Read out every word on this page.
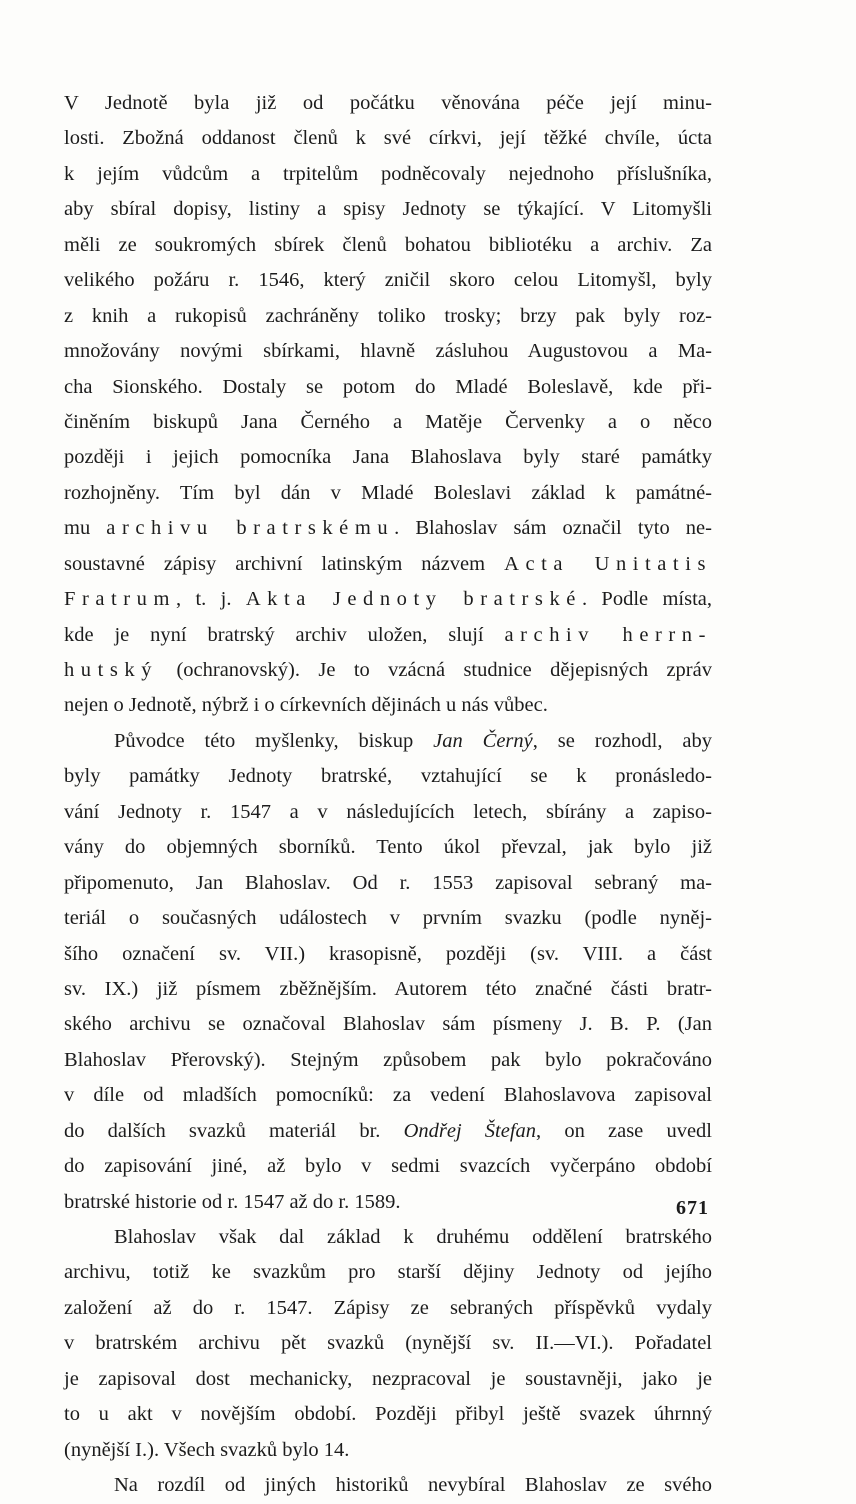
V Jednotě byla již od počátku věnována péče její minu-
losti. Zbožná oddanost členů k své církvi, její těžké chvíle, úcta
k jejím vůdcům a trpitelům podněcovaly nejednoho příslušníka,
aby sbíral dopisy, listiny a spisy Jednoty se týkající. V Litomyšli
měli ze soukromých sbírek členů bohatou bibliotéku a archiv. Za
velikého požáru r. 1546, který zničil skoro celou Litomyšl, byly
z knih a rukopisů zachráněny toliko trosky; brzy pak byly roz-
množovány novými sbírkami, hlavně zásluhou Augustovou a Ma-
cha Sionského. Dostaly se potom do Mladé Boleslavě, kde při-
činěním biskupů Jana Černého a Matěje Červenky a o něco
později i jejich pomocníka Jana Blahoslava byly staré památky
rozhojněny. Tím byl dán v Mladé Boleslavi základ k památné-
mu archivu bratrskému. Blahoslav sám označil tyto ne-
soustavné zápisy archivní latinským názvem Acta Unitatis
Fratrum, t. j. Akta Jednoty bratrské. Podle místa,
kde je nyní bratrský archiv uložen, slují archiv herrn-
hutský (ochranovský). Je to vzácná studnice dějepisných zpráv
nejen o Jednotě, nýbrž i o církevních dějinách u nás vůbec.
Původce této myšlenky, biskup Jan Černý, se rozhodl, aby
byly památky Jednoty bratrské, vztahující se k pronásledo-
vání Jednoty r. 1547 a v následujících letech, sbírány a zapiso-
vány do objemných sborníků. Tento úkol převzal, jak bylo již
připomenuto, Jan Blahoslav. Od r. 1553 zapisoval sebraný ma-
teriál o současných událostech v prvním svazku (podle nyněj-
šího označení sv. VII.) krasopisně, později (sv. VIII. a část
sv. IX.) již písmem zběžnějším. Autorem této značné části bratr-
ského archivu se označoval Blahoslav sám písmeny J. B. P. (Jan
Blahoslav Přerovský). Stejným způsobem pak bylo pokračováno
v díle od mladších pomocníků: za vedení Blahoslavova zapisoval
do dalších svazků materiál br. Ondřej Štefan, on zase uvedl
do zapisování jiné, až bylo v sedmi svazcích vyčerpáno období
bratrské historie od r. 1547 až do r. 1589.
Blahoslav však dal základ k druhému oddělení bratrského
archivu, totiž ke svazkům pro starší dějiny Jednoty od jejího
založení až do r. 1547. Zápisy ze sebraných příspěvků vydaly
v bratrském archivu pět svazků (nynější sv. II.—VI.). Pořadatel
je zapisoval dost mechanicky, nezpracoval je soustavněji, jako je
to u akt v novějším období. Později přibyl ještě svazek úhrnný
(nynější I.). Všech svazků bylo 14.
Na rozdíl od jiných historiků nevybíral Blahoslav ze svého
671
